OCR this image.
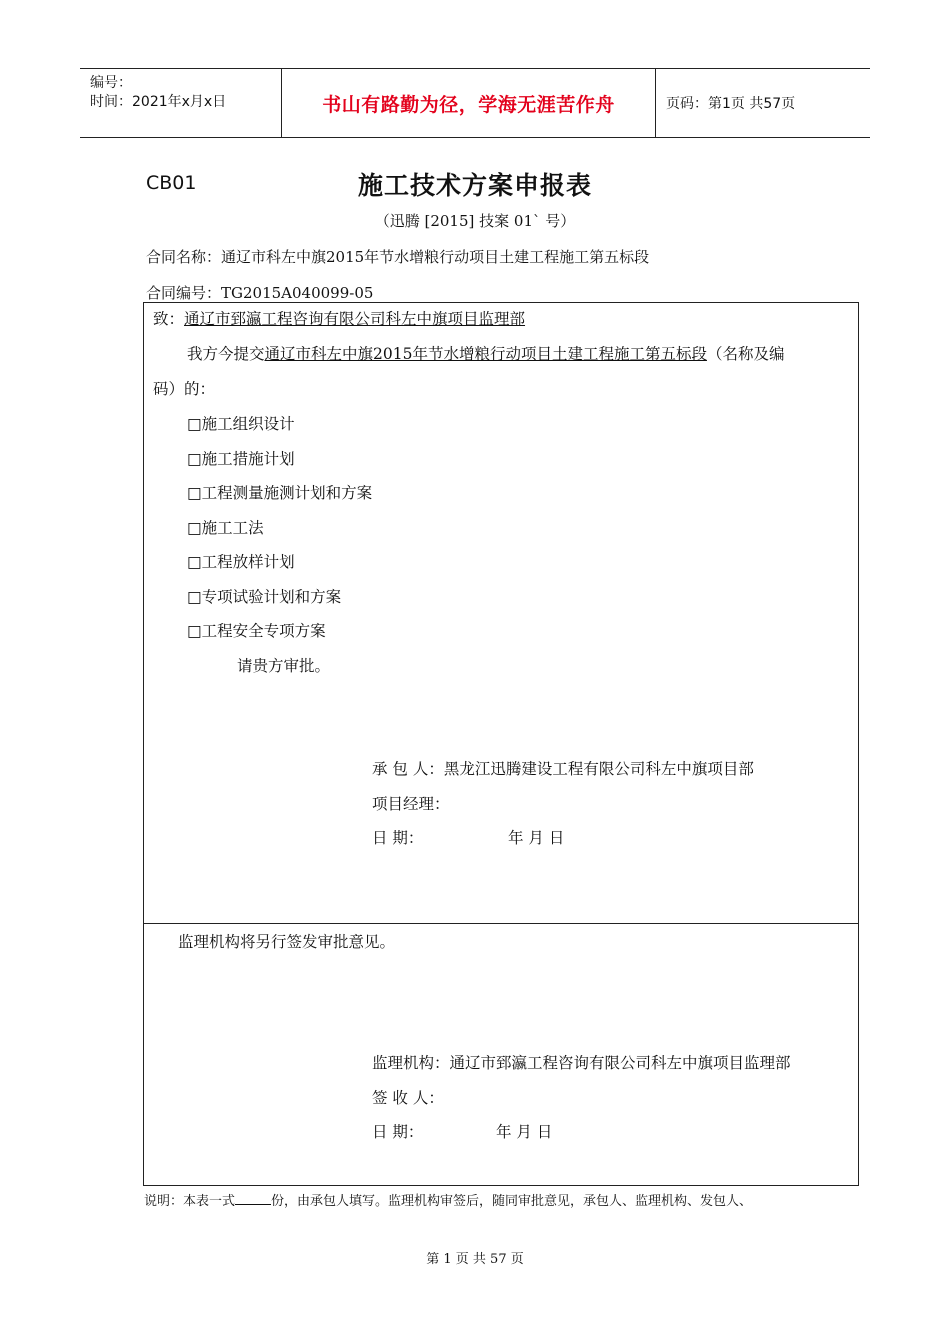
编号：
时间：2021年x月x日	书山有路勤为径，学海无涯苦作舟	页码：第1页 共57页
CB01	施工技术方案申报表
（迅腾 [2015] 技案 01` 号）
合同名称：通辽市科左中旗2015年节水增粮行动项目土建工程施工第五标段
合同编号：TG2015A040099-05
致：通辽市郅瀛工程咨询有限公司科左中旗项目监理部
我方今提交通辽市科左中旗2015年节水增粮行动项目土建工程施工第五标段（名称及编
码）的：
□施工组织设计
□施工措施计划
□工程测量施测计划和方案
□施工工法
□工程放样计划
□专项试验计划和方案
□工程安全专项方案
请贵方审批。
承 包 人：黑龙江迅腾建设工程有限公司科左中旗项目部
项目经理：
日 期：	年 月 日
监理机构将另行签发审批意见。
监理机构：通辽市郅瀛工程咨询有限公司科左中旗项目监理部
签 收 人：
日 期：	年 月 日
说明：本表一式	份，由承包人填写。监理机构审签后，随同审批意见，承包人、监理机构、发包人、
第 1 页 共 57 页
